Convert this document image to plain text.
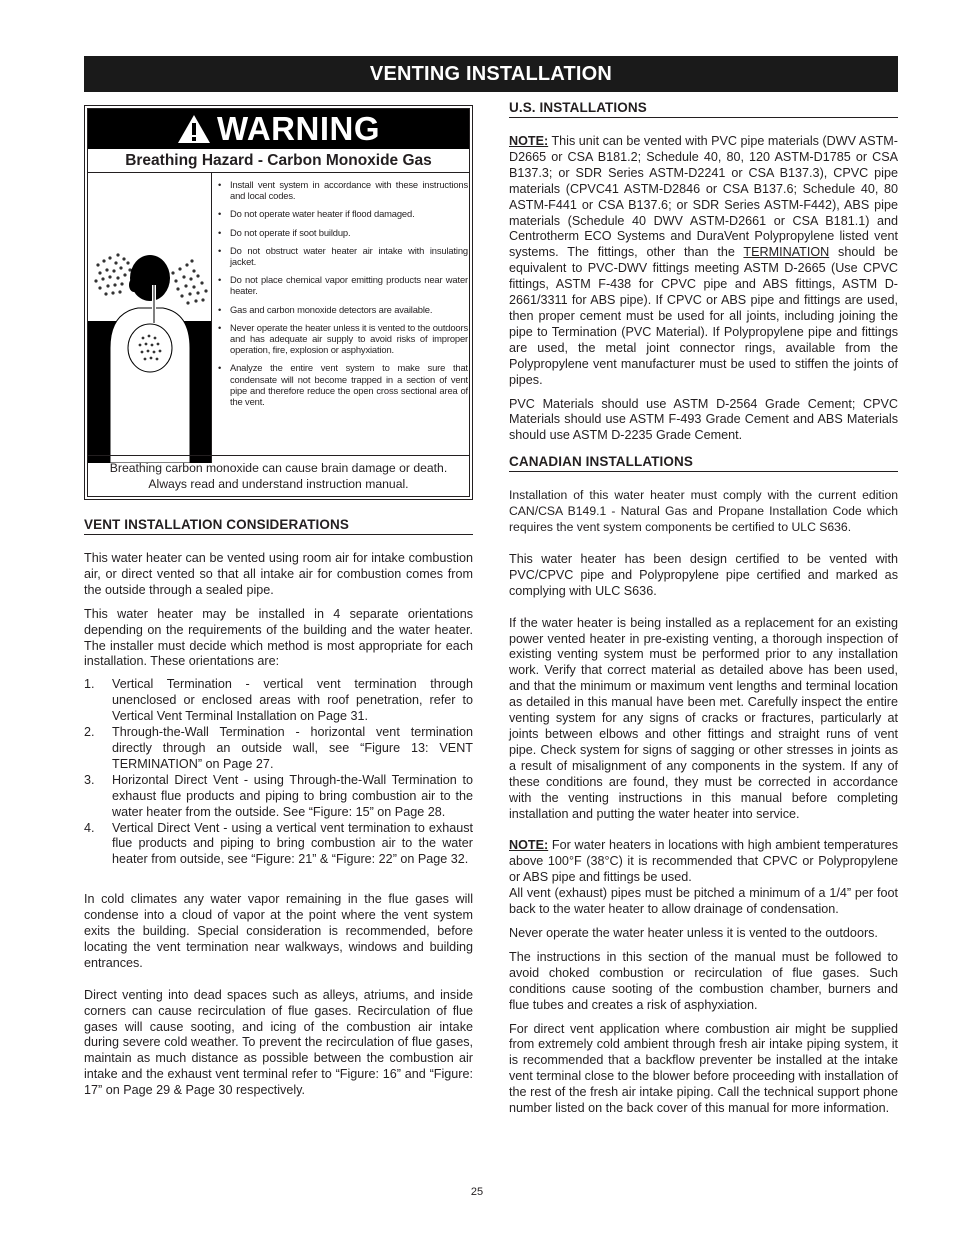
VENTING INSTALLATION
WARNING
Breathing Hazard - Carbon Monoxide Gas
• Install vent system in accordance with these instructions and local codes.
• Do not operate water heater if flood damaged.
• Do not operate if soot buildup.
• Do not obstruct water heater air intake with insulating jacket.
• Do not place chemical vapor emitting products near water heater.
• Gas and carbon monoxide detectors are available.
• Never operate the heater unless it is vented to the outdoors and has adequate air supply to avoid risks of improper operation, fire, explosion or asphyxiation.
• Analyze the entire vent system to make sure that condensate will not become trapped in a section of vent pipe and therefore reduce the open cross sectional area of the vent.
Breathing carbon monoxide can cause brain damage or death.
Always read and understand instruction manual.
VENT INSTALLATION CONSIDERATIONS
This water heater can be vented using room air for intake combustion air, or direct vented so that all intake air for combustion comes from the outside through a sealed pipe.
This water heater may be installed in 4 separate orientations depending on the requirements of the building and the water heater. The installer must decide which method is most appropriate for each installation. These orientations are:
1. Vertical Termination - vertical vent termination through unenclosed or enclosed areas with roof penetration, refer to Vertical Vent Terminal Installation on Page 31.
2. Through-the-Wall Termination - horizontal vent termination directly through an outside wall, see “Figure 13: VENT TERMINATION” on Page 27.
3. Horizontal Direct Vent - using Through-the-Wall Termination to exhaust flue products and piping to bring combustion air to the water heater from the outside. See “Figure: 15” on Page 28.
4. Vertical Direct Vent - using a vertical vent termination to exhaust flue products and piping to bring combustion air to the water heater from outside, see “Figure: 21” & “Figure: 22” on Page 32.
In cold climates any water vapor remaining in the flue gases will condense into a cloud of vapor at the point where the vent system exits the building. Special consideration is recommended, before locating the vent termination near walkways, windows and building entrances.
Direct venting into dead spaces such as alleys, atriums, and inside corners can cause recirculation of flue gases. Recirculation of flue gases will cause sooting, and icing of the combustion air intake during severe cold weather. To prevent the recirculation of flue gases, maintain as much distance as possible between the combustion air intake and the exhaust vent terminal refer to “Figure: 16” and “Figure: 17” on Page 29 & Page 30 respectively.
U.S. INSTALLATIONS
NOTE: This unit can be vented with PVC pipe materials (DWV ASTM-D2665 or CSA B181.2; Schedule 40, 80, 120 ASTM-D1785 or CSA B137.3; or SDR Series ASTM-D2241 or CSA B137.3), CPVC pipe materials (CPVC41 ASTM-D2846 or CSA B137.6; Schedule 40, 80 ASTM-F441 or CSA B137.6; or SDR Series ASTM-F442), ABS pipe materials (Schedule 40 DWV ASTM-D2661 or CSA B181.1) and Centrotherm ECO Systems and DuraVent Polypropylene listed vent systems. The fittings, other than the TERMINATION should be equivalent to PVC-DWV fittings meeting ASTM D-2665 (Use CPVC fittings, ASTM F-438 for CPVC pipe and ABS fittings, ASTM D-2661/3311 for ABS pipe). If CPVC or ABS pipe and fittings are used, then proper cement must be used for all joints, including joining the pipe to Termination (PVC Material). If Polypropylene pipe and fittings are used, the metal joint connector rings, available from the Polypropylene vent manufacturer must be used to stiffen the joints of pipes.
PVC Materials should use ASTM D-2564 Grade Cement; CPVC Materials should use ASTM F-493 Grade Cement and ABS Materials should use ASTM D-2235 Grade Cement.
CANADIAN INSTALLATIONS
Installation of this water heater must comply with the current edition CAN/CSA B149.1 - Natural Gas and Propane Installation Code which requires the vent system components be certified to ULC S636.
This water heater has been design certified to be vented with PVC/CPVC pipe and Polypropylene pipe certified and marked as complying with ULC S636.
If the water heater is being installed as a replacement for an existing power vented heater in pre-existing venting, a thorough inspection of existing venting system must be performed prior to any installation work. Verify that correct material as detailed above has been used, and that the minimum or maximum vent lengths and terminal location as detailed in this manual have been met. Carefully inspect the entire venting system for any signs of cracks or fractures, particularly at joints between elbows and other fittings and straight runs of vent pipe. Check system for signs of sagging or other stresses in joints as a result of misalignment of any components in the system. If any of these conditions are found, they must be corrected in accordance with the venting instructions in this manual before completing installation and putting the water heater into service.
NOTE: For water heaters in locations with high ambient temperatures above 100°F (38°C) it is recommended that CPVC or Polypropylene or ABS pipe and fittings be used.
All vent (exhaust) pipes must be pitched a minimum of a 1/4” per foot back to the water heater to allow drainage of condensation.
Never operate the water heater unless it is vented to the outdoors.
The instructions in this section of the manual must be followed to avoid choked combustion or recirculation of flue gases. Such conditions cause sooting of the combustion chamber, burners and flue tubes and creates a risk of asphyxiation.
For direct vent application where combustion air might be supplied from extremely cold ambient through fresh air intake piping system, it is recommended that a backflow preventer be installed at the intake vent terminal close to the blower before proceeding with installation of the rest of the fresh air intake piping. Call the technical support phone number listed on the back cover of this manual for more information.
25
